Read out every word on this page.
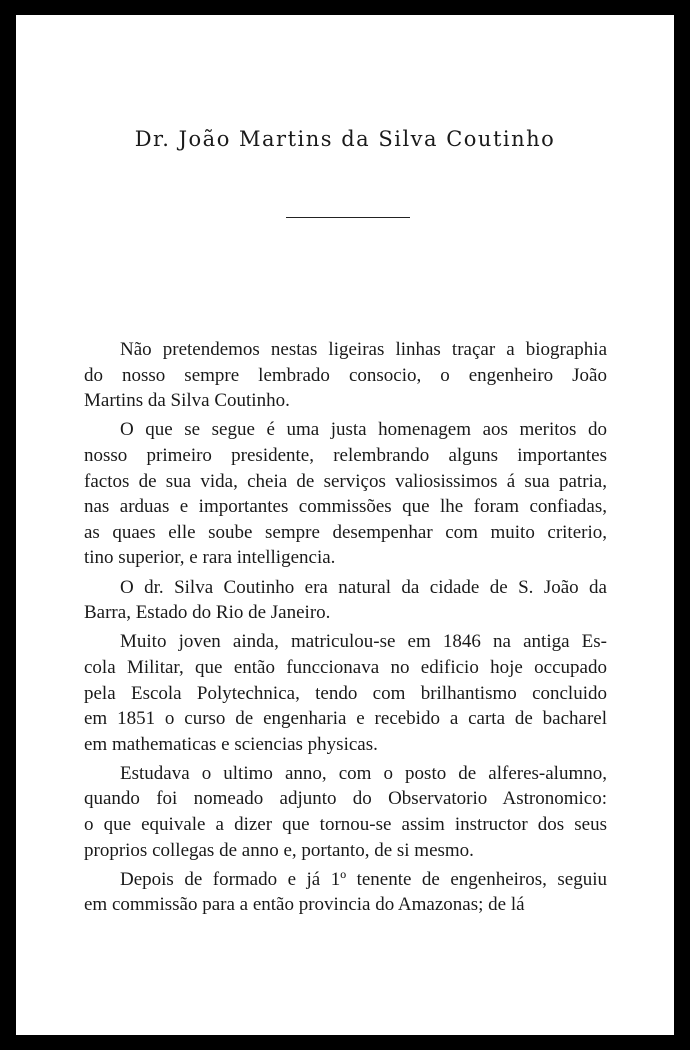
Dr. João Martins da Silva Coutinho
Não pretendemos nestas ligeiras linhas traçar a biographia
do nosso sempre lembrado consocio, o engenheiro João
Martins da Silva Coutinho.
O que se segue é uma justa homenagem aos meritos do
nosso primeiro presidente, relembrando alguns importantes
factos de sua vida, cheia de serviços valiosissimos á sua patria,
nas arduas e importantes commissões que lhe foram confiadas,
as quaes elle soube sempre desempenhar com muito criterio,
tino superior, e rara intelligencia.
O dr. Silva Coutinho era natural da cidade de S. João da
Barra, Estado do Rio de Janeiro.
Muito joven ainda, matriculou-se em 1846 na antiga Es-
cola Militar, que então funccionava no edificio hoje occupado
pela Escola Polytechnica, tendo com brilhantismo concluido
em 1851 o curso de engenharia e recebido a carta de bacharel
em mathematicas e sciencias physicas.
Estudava o ultimo anno, com o posto de alferes-alumno,
quando foi nomeado adjunto do Observatorio Astronomico:
o que equivale a dizer que tornou-se assim instructor dos seus
proprios collegas de anno e, portanto, de si mesmo.
Depois de formado e já 1º tenente de engenheiros, seguiu
em commissão para a então provincia do Amazonas; de lá
